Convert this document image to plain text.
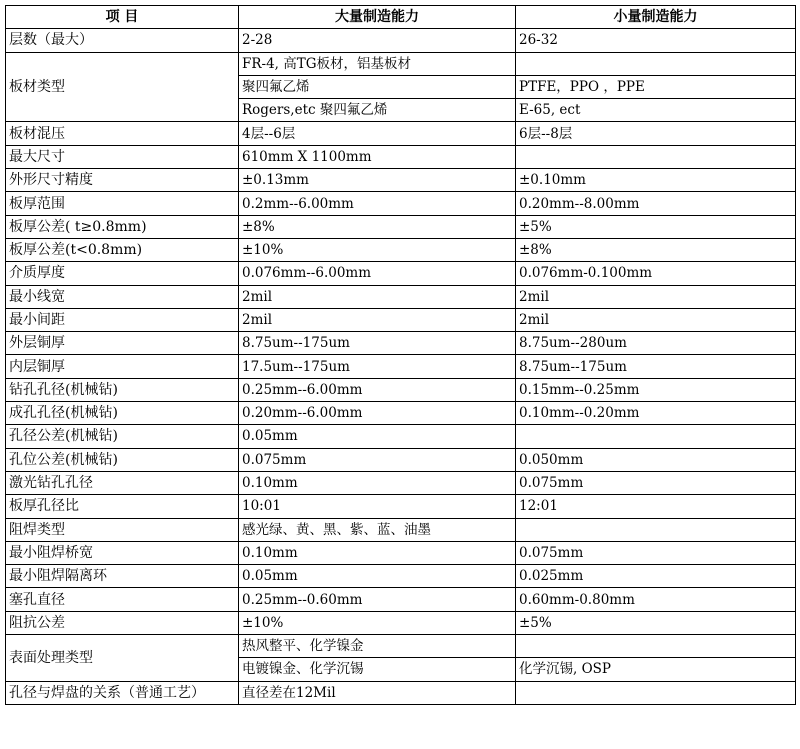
项 目	大量制造能力	小量制造能力
层数（最大）	2-28	26-32
板材类型	FR-4, 高TG板材，铝基板材	
	聚四氟乙烯	PTFE，PPO ，PPE
	Rogers,etc 聚四氟乙烯	E-65, ect
板材混压	4层--6层	6层--8层
最大尺寸	610mm X 1100mm	
外形尺寸精度	±0.13mm	±0.10mm
板厚范围	0.2mm--6.00mm	0.20mm--8.00mm
板厚公差( t≥0.8mm)	±8%	±5%
板厚公差(t<0.8mm)	±10%	±8%
介质厚度	0.076mm--6.00mm	0.076mm-0.100mm
最小线宽	2mil	2mil
最小间距	2mil	2mil
外层铜厚	8.75um--175um	8.75um--280um
内层铜厚	17.5um--175um	8.75um--175um
钻孔孔径(机械钻)	0.25mm--6.00mm	0.15mm--0.25mm
成孔孔径(机械钻)	0.20mm--6.00mm	0.10mm--0.20mm
孔径公差(机械钻)	0.05mm	
孔位公差(机械钻)	0.075mm	0.050mm
激光钻孔孔径	0.10mm	0.075mm
板厚孔径比	10:01	12:01
阻焊类型	感光绿、黄、黑、紫、蓝、油墨	
最小阻焊桥宽	0.10mm	0.075mm
最小阻焊隔离环	0.05mm	0.025mm
塞孔直径	0.25mm--0.60mm	0.60mm-0.80mm
阻抗公差	±10%	±5%
表面处理类型	热风整平、化学镍金	
	电镀镍金、化学沉锡	化学沉锡, OSP
孔径与焊盘的关系（普通工艺）	直径差在12Mil	
